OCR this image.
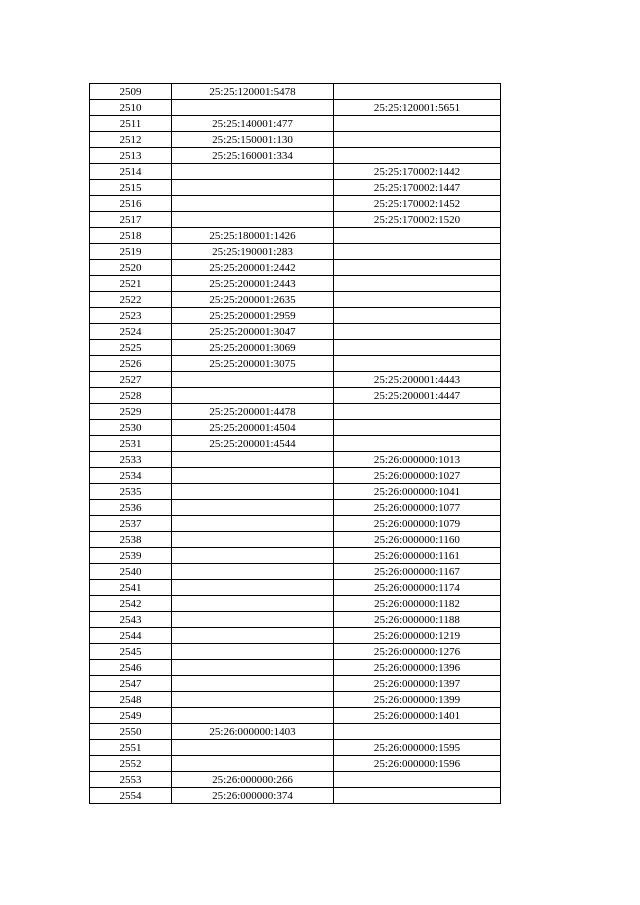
2509	25:25:120001:5478	
2510		25:25:120001:5651
2511	25:25:140001:477	
2512	25:25:150001:130	
2513	25:25:160001:334	
2514		25:25:170002:1442
2515		25:25:170002:1447
2516		25:25:170002:1452
2517		25:25:170002:1520
2518	25:25:180001:1426	
2519	25:25:190001:283	
2520	25:25:200001:2442	
2521	25:25:200001:2443	
2522	25:25:200001:2635	
2523	25:25:200001:2959	
2524	25:25:200001:3047	
2525	25:25:200001:3069	
2526	25:25:200001:3075	
2527		25:25:200001:4443
2528		25:25:200001:4447
2529	25:25:200001:4478	
2530	25:25:200001:4504	
2531	25:25:200001:4544	
2533		25:26:000000:1013
2534		25:26:000000:1027
2535		25:26:000000:1041
2536		25:26:000000:1077
2537		25:26:000000:1079
2538		25:26:000000:1160
2539		25:26:000000:1161
2540		25:26:000000:1167
2541		25:26:000000:1174
2542		25:26:000000:1182
2543		25:26:000000:1188
2544		25:26:000000:1219
2545		25:26:000000:1276
2546		25:26:000000:1396
2547		25:26:000000:1397
2548		25:26:000000:1399
2549		25:26:000000:1401
2550	25:26:000000:1403	
2551		25:26:000000:1595
2552		25:26:000000:1596
2553	25:26:000000:266	
2554	25:26:000000:374	
